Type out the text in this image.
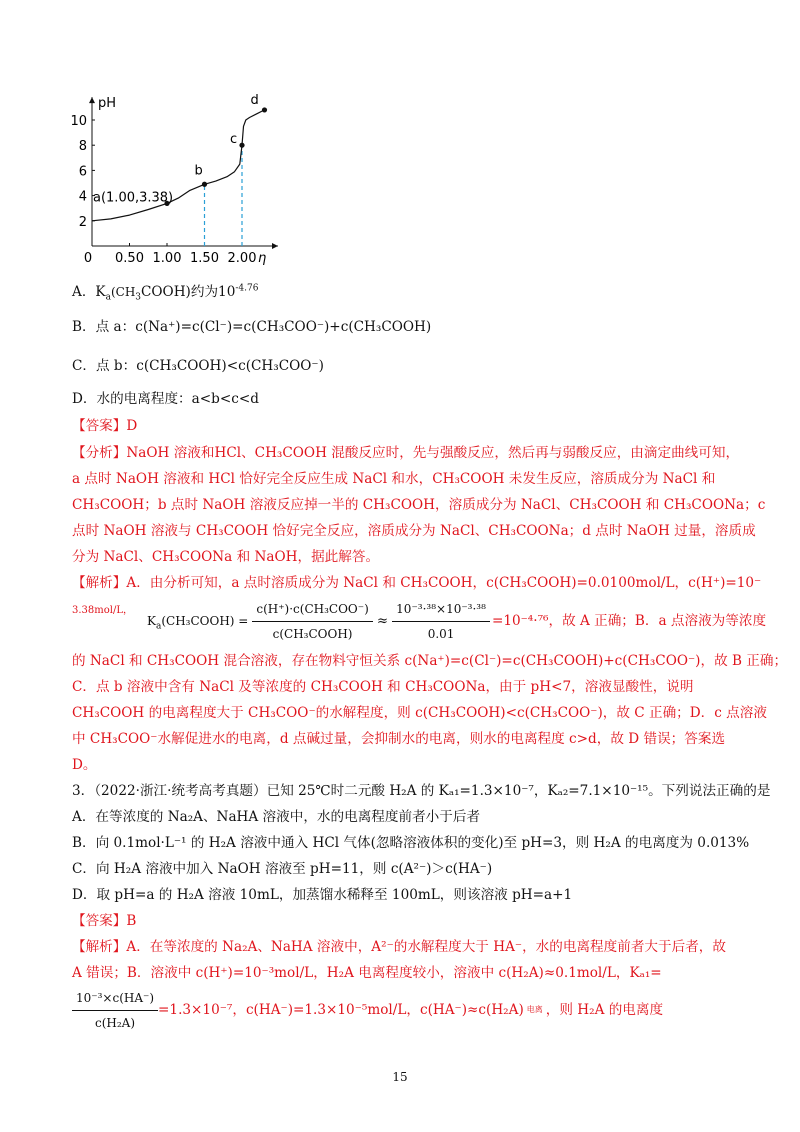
pH
η
0 0.50 1.00 1.50 2.00
2
4
6
8
10
a(1.00,3.38)
b
c
d
A．$K_a(CH_3COOH)$约为$10^{-4.76}$
B．点 a：c(Na⁺)=c(Cl⁻)=c(CH₃COO⁻)+c(CH₃COOH)
C．点 b：c(CH₃COOH)<c(CH₃COO⁻)
D．水的电离程度：a<b<c<d
【答案】D
【分析】NaOH 溶液和HCl、CH₃COOH 混酸反应时，先与强酸反应，然后再与弱酸反应，由滴定曲线可知，
a 点时 NaOH 溶液和 HCl 恰好完全反应生成 NaCl 和水，CH₃COOH 未发生反应，溶质成分为 NaCl 和
CH₃COOH；b 点时 NaOH 溶液反应掉一半的 CH₃COOH，溶质成分为 NaCl、CH₃COOH 和 CH₃COONa；c
点时 NaOH 溶液与 CH₃COOH 恰好完全反应，溶质成分为 NaCl、CH₃COONa；d 点时 NaOH 过量，溶质成
分为 NaCl、CH₃COONa 和 NaOH，据此解答。
【解析】A．由分析可知，a 点时溶质成分为 NaCl 和 CH₃COOH，c(CH₃COOH)=0.0100mol/L，c(H⁺)=10⁻
3.38mol/L，
$K_a(CH_3COOH) = \frac{\text{c(H⁺)·c(CH₃COO⁻)}}{\text{c(CH₃COOH)}} \approx \frac{\text{10⁻³·³⁸×10⁻³·³⁸}}{0.01} =10^{-4}\cdot^{76}$，故 A 正确；B．a 点溶液为等浓度
的 NaCl 和 CH₃COOH 混合溶液，存在物料守恒关系 c(Na⁺)=c(Cl⁻)=c(CH₃COOH)+c(CH₃COO⁻)，故 B 正确；
C．点 b 溶液中含有 NaCl 及等浓度的 CH₃COOH 和 CH₃COONa，由于 pH<7，溶液显酸性，说明
CH₃COOH 的电离程度大于 CH₃COO⁻的水解程度，则 c(CH₃COOH)<c(CH₃COO⁻)，故 C 正确；D．c 点溶液
中 CH₃COO⁻水解促进水的电离，d 点碱过量，会抑制水的电离，则水的电离程度 c>d，故 D 错误；答案选
D。
3．（2022·浙江·统考高考真题）已知 25℃时二元酸 H₂A 的 Kₐ₁=1.3×10⁻⁷，Kₐ₂=7.1×10⁻¹⁵。下列说法正确的是
A．在等浓度的 Na₂A、NaHA 溶液中，水的电离程度前者小于后者
B．向 0.1mol·L⁻¹ 的 H₂A 溶液中通入 HCl 气体(忽略溶液体积的变化)至 pH=3，则 H₂A 的电离度为 0.013%
C．向 H₂A 溶液中加入 NaOH 溶液至 pH=11，则 c(A²⁻)＞c(HA⁻)
D．取 pH=a 的 H₂A 溶液 10mL，加蒸馏水稀释至 100mL，则该溶液 pH=a+1
【答案】B
【解析】A．在等浓度的 Na₂A、NaHA 溶液中，A²⁻的水解程度大于 HA⁻，水的电离程度前者大于后者，故
A 错误；B．溶液中 c(H⁺)=10⁻³mol/L，H₂A 电离程度较小，溶液中 c(H₂A)≈0.1mol/L，Kₐ₁=
$\frac{\text{10⁻³×c(HA⁻)}}{\text{c(H₂A)}} =1.3\times 10^{-7}$，c(HA⁻)=1.3×10⁻⁵mol/L，c(HA⁻)≈c(H₂A) 电离 ，则 H₂A 的电离度
15
